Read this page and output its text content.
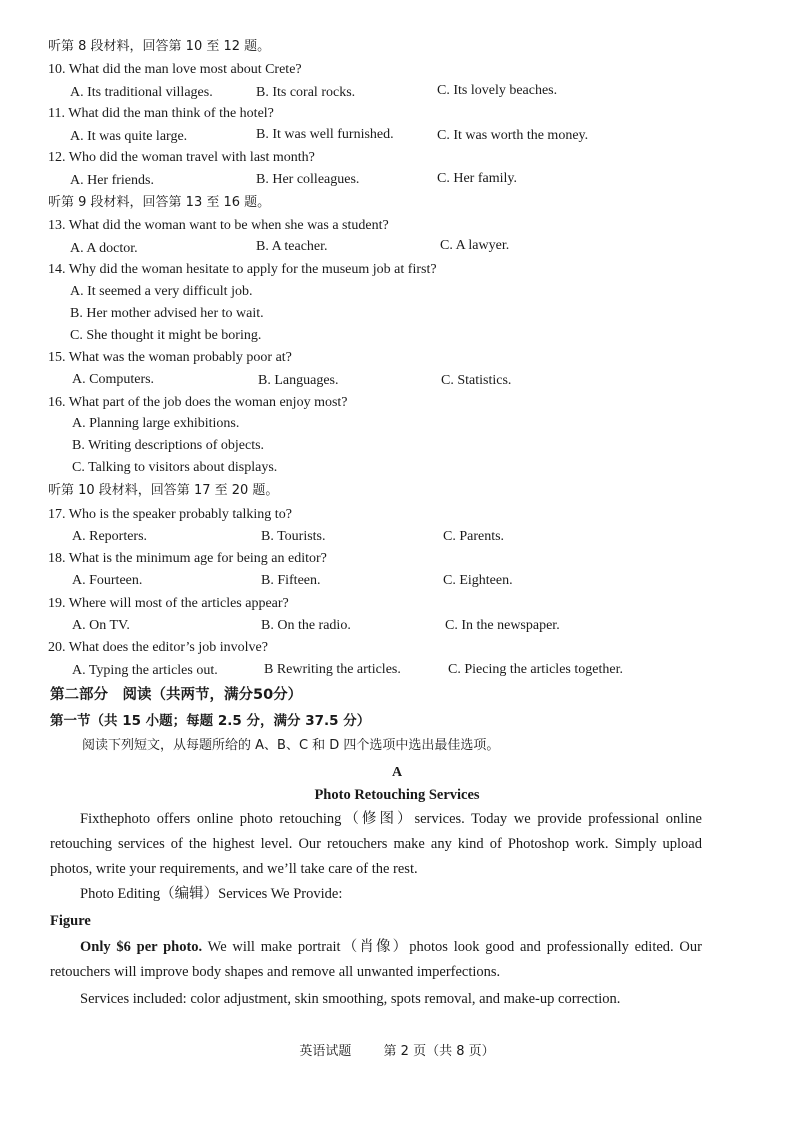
听第 8 段材料，回答第 10 至 12 题。
10. What did the man love most about Crete?
A. Its traditional villages.	B. Its coral rocks.	C. Its lovely beaches.
11. What did the man think of the hotel?
A. It was quite large.	B. It was well furnished.	C. It was worth the money.
12. Who did the woman travel with last month?
A. Her friends.	B. Her colleagues.	C. Her family.
听第 9 段材料，回答第 13 至 16 题。
13. What did the woman want to be when she was a student?
A. A doctor.	B. A teacher.	C. A lawyer.
14. Why did the woman hesitate to apply for the museum job at first?
A. It seemed a very difficult job.
B. Her mother advised her to wait.
C. She thought it might be boring.
15. What was the woman probably poor at?
A. Computers.	B. Languages.	C. Statistics.
16. What part of the job does the woman enjoy most?
A. Planning large exhibitions.
B. Writing descriptions of objects.
C. Talking to visitors about displays.
听第 10 段材料，回答第 17 至 20 题。
17. Who is the speaker probably talking to?
A. Reporters.	B. Tourists.	C. Parents.
18. What is the minimum age for being an editor?
A. Fourteen.	B. Fifteen.	C. Eighteen.
19. Where will most of the articles appear?
A. On TV.	B. On the radio.	C. In the newspaper.
20. What does the editor’s job involve?
A. Typing the articles out.	B Rewriting the articles.	C. Piecing the articles together.
第二部分　阅读（共两节，满分50分）
第一节（共 15 小题；每题 2.5 分，满分 37.5 分）
阅读下列短文，从每题所给的 A、B、C 和 D 四个选项中选出最佳选项。
A
Photo Retouching Services
Fixthephoto offers online photo retouching（修图）services. Today we provide professional online retouching services of the highest level. Our retouchers make any kind of Photoshop work. Simply upload photos, write your requirements, and we’ll take care of the rest.
Photo Editing（编辑）Services We Provide:
Figure
Only $6 per photo. We will make portrait（肖像）photos look good and professionally edited. Our retouchers will improve body shapes and remove all unwanted imperfections.
Services included: color adjustment, skin smoothing, spots removal, and make-up correction.
英语试题 第 2 页（共 8 页）
